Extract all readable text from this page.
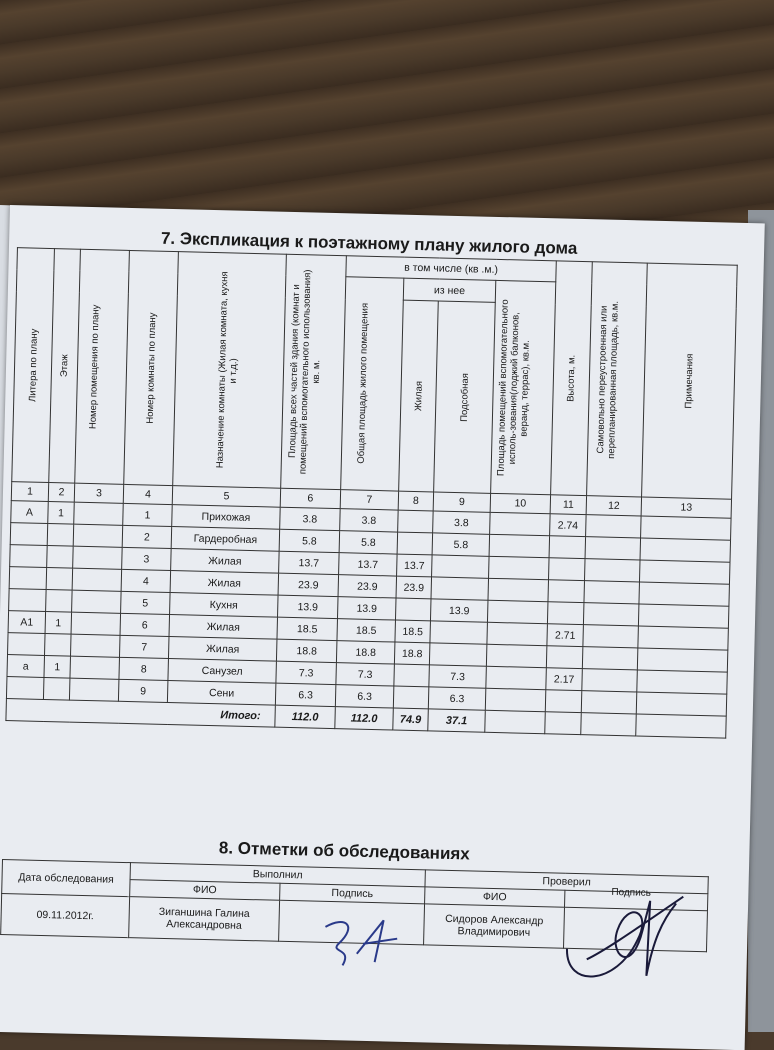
7. Экспликация к поэтажному плану жилого дома
Литера по плану	Этаж	Номер помещения по плану	Номер комнаты по плану	Назначение комнаты (Жилая комната, кухня и т.д.)	Площадь всех частей здания (комнат и помещений вспомогательного использования) кв. м.	в том числе (кв .м.)				Высота, м.	Самовольно переустроенная или перепланированная площадь, кв.м.	Примечания

						Общая площадь жилого помещения	из нее		Площадь помещений вспомогательного исполь-зования(лоджий балконов, веранд, террас), кв.м.			

							Жилая	Подсобная				

1	2	3	4	5	6	7	8	9	10	11	12	13
А	1		1	Прихожая	3.8	3.8		3.8		2.74		
			2	Гардеробная	5.8	5.8		5.8				
			3	Жилая	13.7	13.7	13.7					
			4	Жилая	23.9	23.9	23.9					
			5	Кухня	13.9	13.9		13.9				
А1	1		6	Жилая	18.5	18.5	18.5			2.71		
			7	Жилая	18.8	18.8	18.8					
а	1		8	Санузел	7.3	7.3		7.3		2.17		
			9	Сени	6.3	6.3		6.3				
Итого:					112.0	112.0	74.9	37.1				
8. Отметки об обследованиях
Дата обследования	Выполнил		Проверил	
	ФИО	Подпись	ФИО	
09.11.2012г.	Зиганшина Галина Александровна		Сидоров Александр Владимирович	
Подпись
